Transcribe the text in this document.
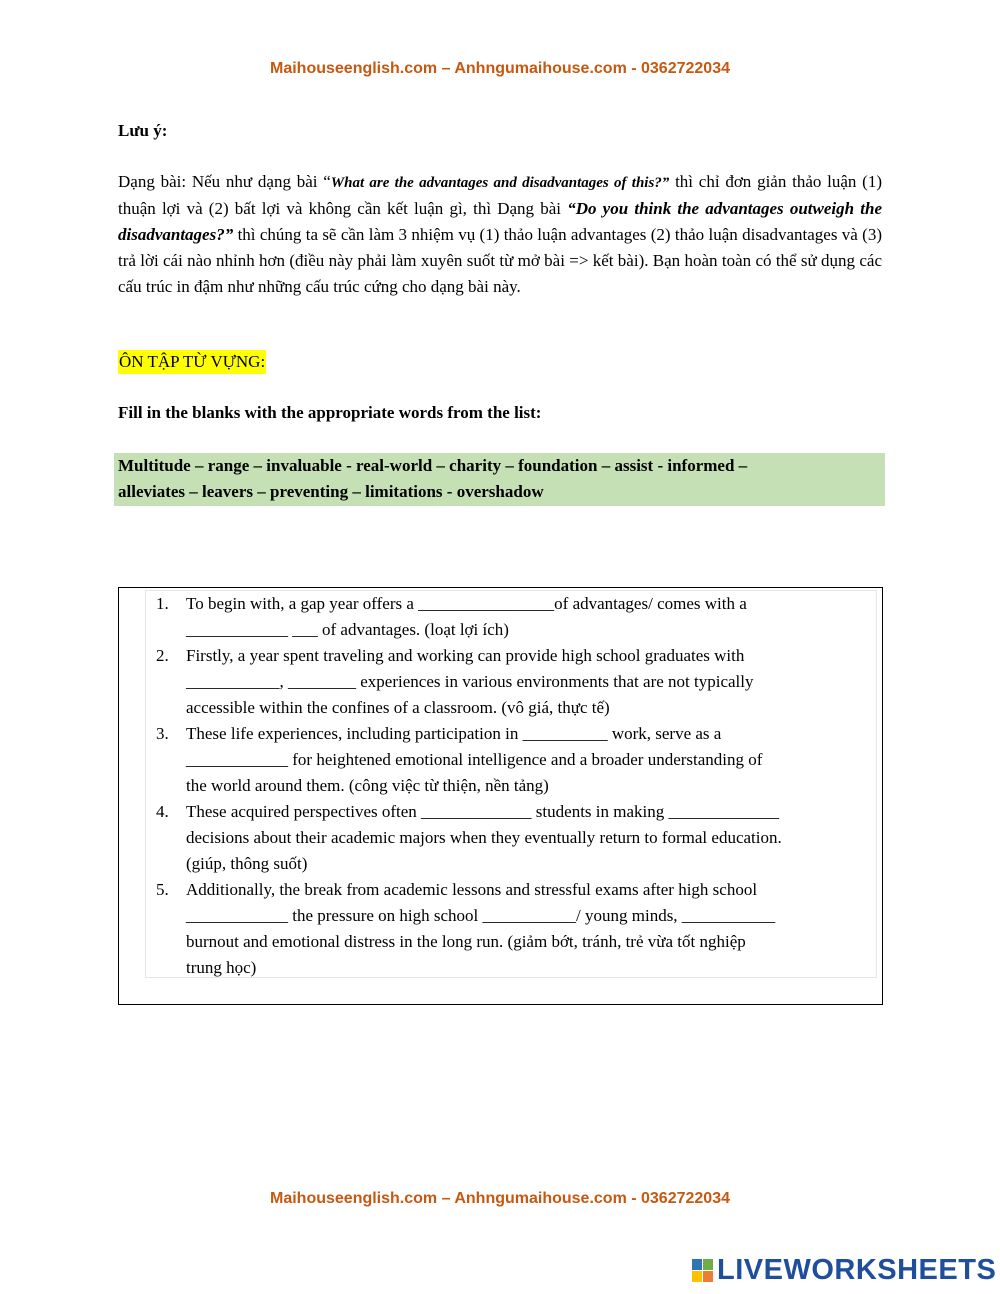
Maihouseenglish.com – Anhngumaihouse.com - 0362722034
Lưu ý:
Dạng bài: Nếu như dạng bài “What are the advantages and disadvantages of this?” thì chỉ đơn giản thảo luận (1) thuận lợi và (2) bất lợi và không cần kết luận gì, thì Dạng bài “Do you think the advantages outweigh the disadvantages?” thì chúng ta sẽ cần làm 3 nhiệm vụ (1) thảo luận advantages (2) thảo luận disadvantages và (3) trả lời cái nào nhỉnh hơn (điều này phải làm xuyên suốt từ mở bài => kết bài). Bạn hoàn toàn có thể sử dụng các cấu trúc in đậm như những cấu trúc cứng cho dạng bài này.
ÔN TẬP TỪ VỰNG:
Fill in the blanks with the appropriate words from the list:
Multitude – range – invaluable - real-world – charity – foundation – assist - informed –
alleviates – leavers – preventing – limitations - overshadow
1. To begin with, a gap year offers a ________________of advantages/ comes with a
____________ ___ of advantages. (loạt lợi ích)
2. Firstly, a year spent traveling and working can provide high school graduates with
___________, ________ experiences in various environments that are not typically
accessible within the confines of a classroom. (vô giá, thực tế)
3. These life experiences, including participation in __________ work, serve as a
____________ for heightened emotional intelligence and a broader understanding of
the world around them. (công việc từ thiện, nền tảng)
4. These acquired perspectives often _____________ students in making _____________
decisions about their academic majors when they eventually return to formal education.
(giúp, thông suốt)
5. Additionally, the break from academic lessons and stressful exams after high school
____________ the pressure on high school ___________/ young minds, ___________
burnout and emotional distress in the long run. (giảm bớt, tránh, trẻ vừa tốt nghiệp
trung học)
Maihouseenglish.com – Anhngumaihouse.com - 0362722034
LIVEWORKSHEETS
